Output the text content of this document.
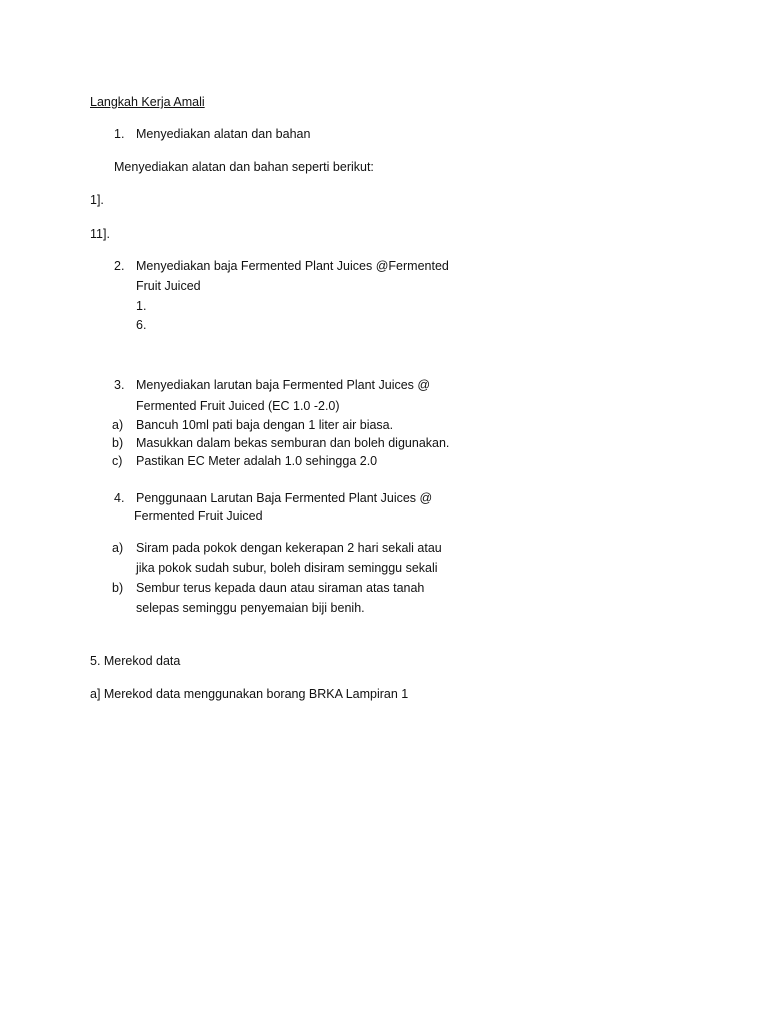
Langkah Kerja Amali
1. Menyediakan alatan dan bahan
Menyediakan alatan dan bahan seperti berikut:
1].
11].
2. Menyediakan baja Fermented Plant Juices @Fermented
Fruit Juiced
1.
6.
3. Menyediakan larutan baja Fermented Plant Juices @
Fermented Fruit Juiced (EC 1.0 -2.0)
a) Bancuh 10ml pati baja dengan 1 liter air biasa.
b) Masukkan dalam bekas semburan dan boleh digunakan.
c) Pastikan EC Meter adalah 1.0 sehingga 2.0
4. Penggunaan Larutan Baja Fermented Plant Juices @
Fermented Fruit Juiced
a) Siram pada pokok dengan kekerapan 2 hari sekali atau
jika pokok sudah subur, boleh disiram seminggu sekali
b) Sembur terus kepada daun atau siraman atas tanah
selepas seminggu penyemaian biji benih.
5. Merekod data
a] Merekod data menggunakan borang BRKA Lampiran 1
